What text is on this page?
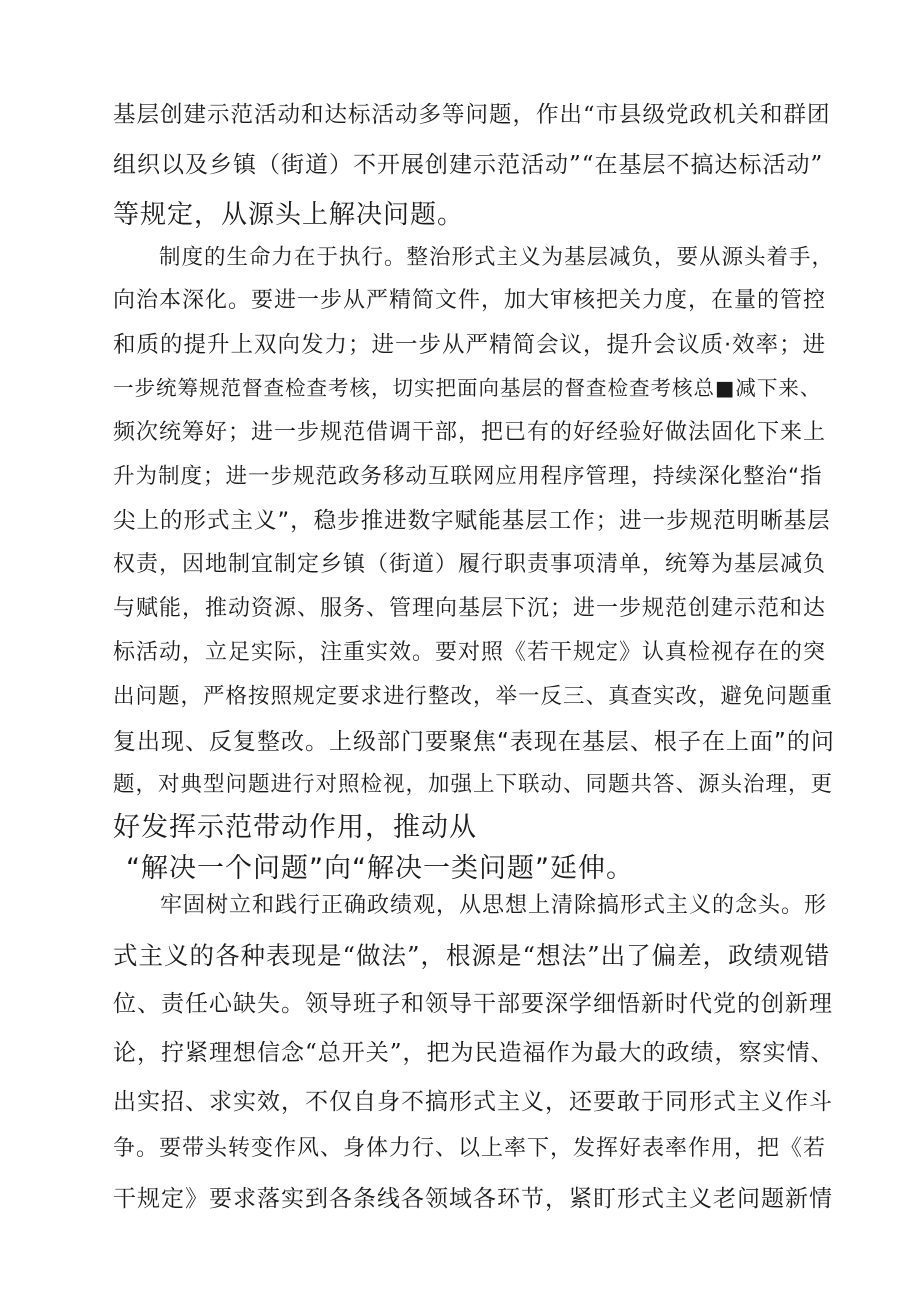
基层创建示范活动和达标活动多等问题，作出“市县级党政机关和群团
组织以及乡镇（街道）不开展创建示范活动”“在基层不搞达标活动”
等规定，从源头上解决问题。
制度的生命力在于执行。整治形式主义为基层减负，要从源头着手，
向治本深化。要进一步从严精简文件，加大审核把关力度，在量的管控
和质的提升上双向发力；进一步从严精简会议，提升会议质·效率；进
一步统筹规范督查检查考核，切实把面向基层的督查检查考核总■减下来、
频次统筹好；进一步规范借调干部，把已有的好经验好做法固化下来上
升为制度；进一步规范政务移动互联网应用程序管理，持续深化整治“指
尖上的形式主义”，稳步推进数字赋能基层工作；进一步规范明晰基层
权责，因地制宜制定乡镇（街道）履行职责事项清单，统筹为基层减负
与赋能，推动资源、服务、管理向基层下沉；进一步规范创建示范和达
标活动，立足实际，注重实效。要对照《若干规定》认真检视存在的突
出问题，严格按照规定要求进行整改，举一反三、真查实改，避免问题重
复出现、反复整改。上级部门要聚焦“表现在基层、根子在上面”的问
题，对典型问题进行对照检视，加强上下联动、同题共答、源头治理，更
好发挥示范带动作用，推动从
“解决一个问题”向“解决一类问题”延伸。
牢固树立和践行正确政绩观，从思想上清除搞形式主义的念头。形
式主义的各种表现是“做法”，根源是“想法”出了偏差，政绩观错
位、责任心缺失。领导班子和领导干部要深学细悟新时代党的创新理
论，拧紧理想信念“总开关”，把为民造福作为最大的政绩，察实情、
出实招、求实效，不仅自身不搞形式主义，还要敢于同形式主义作斗
争。要带头转变作风、身体力行、以上率下，发挥好表率作用，把《若
干规定》要求落实到各条线各领域各环节，紧盯形式主义老问题新情
